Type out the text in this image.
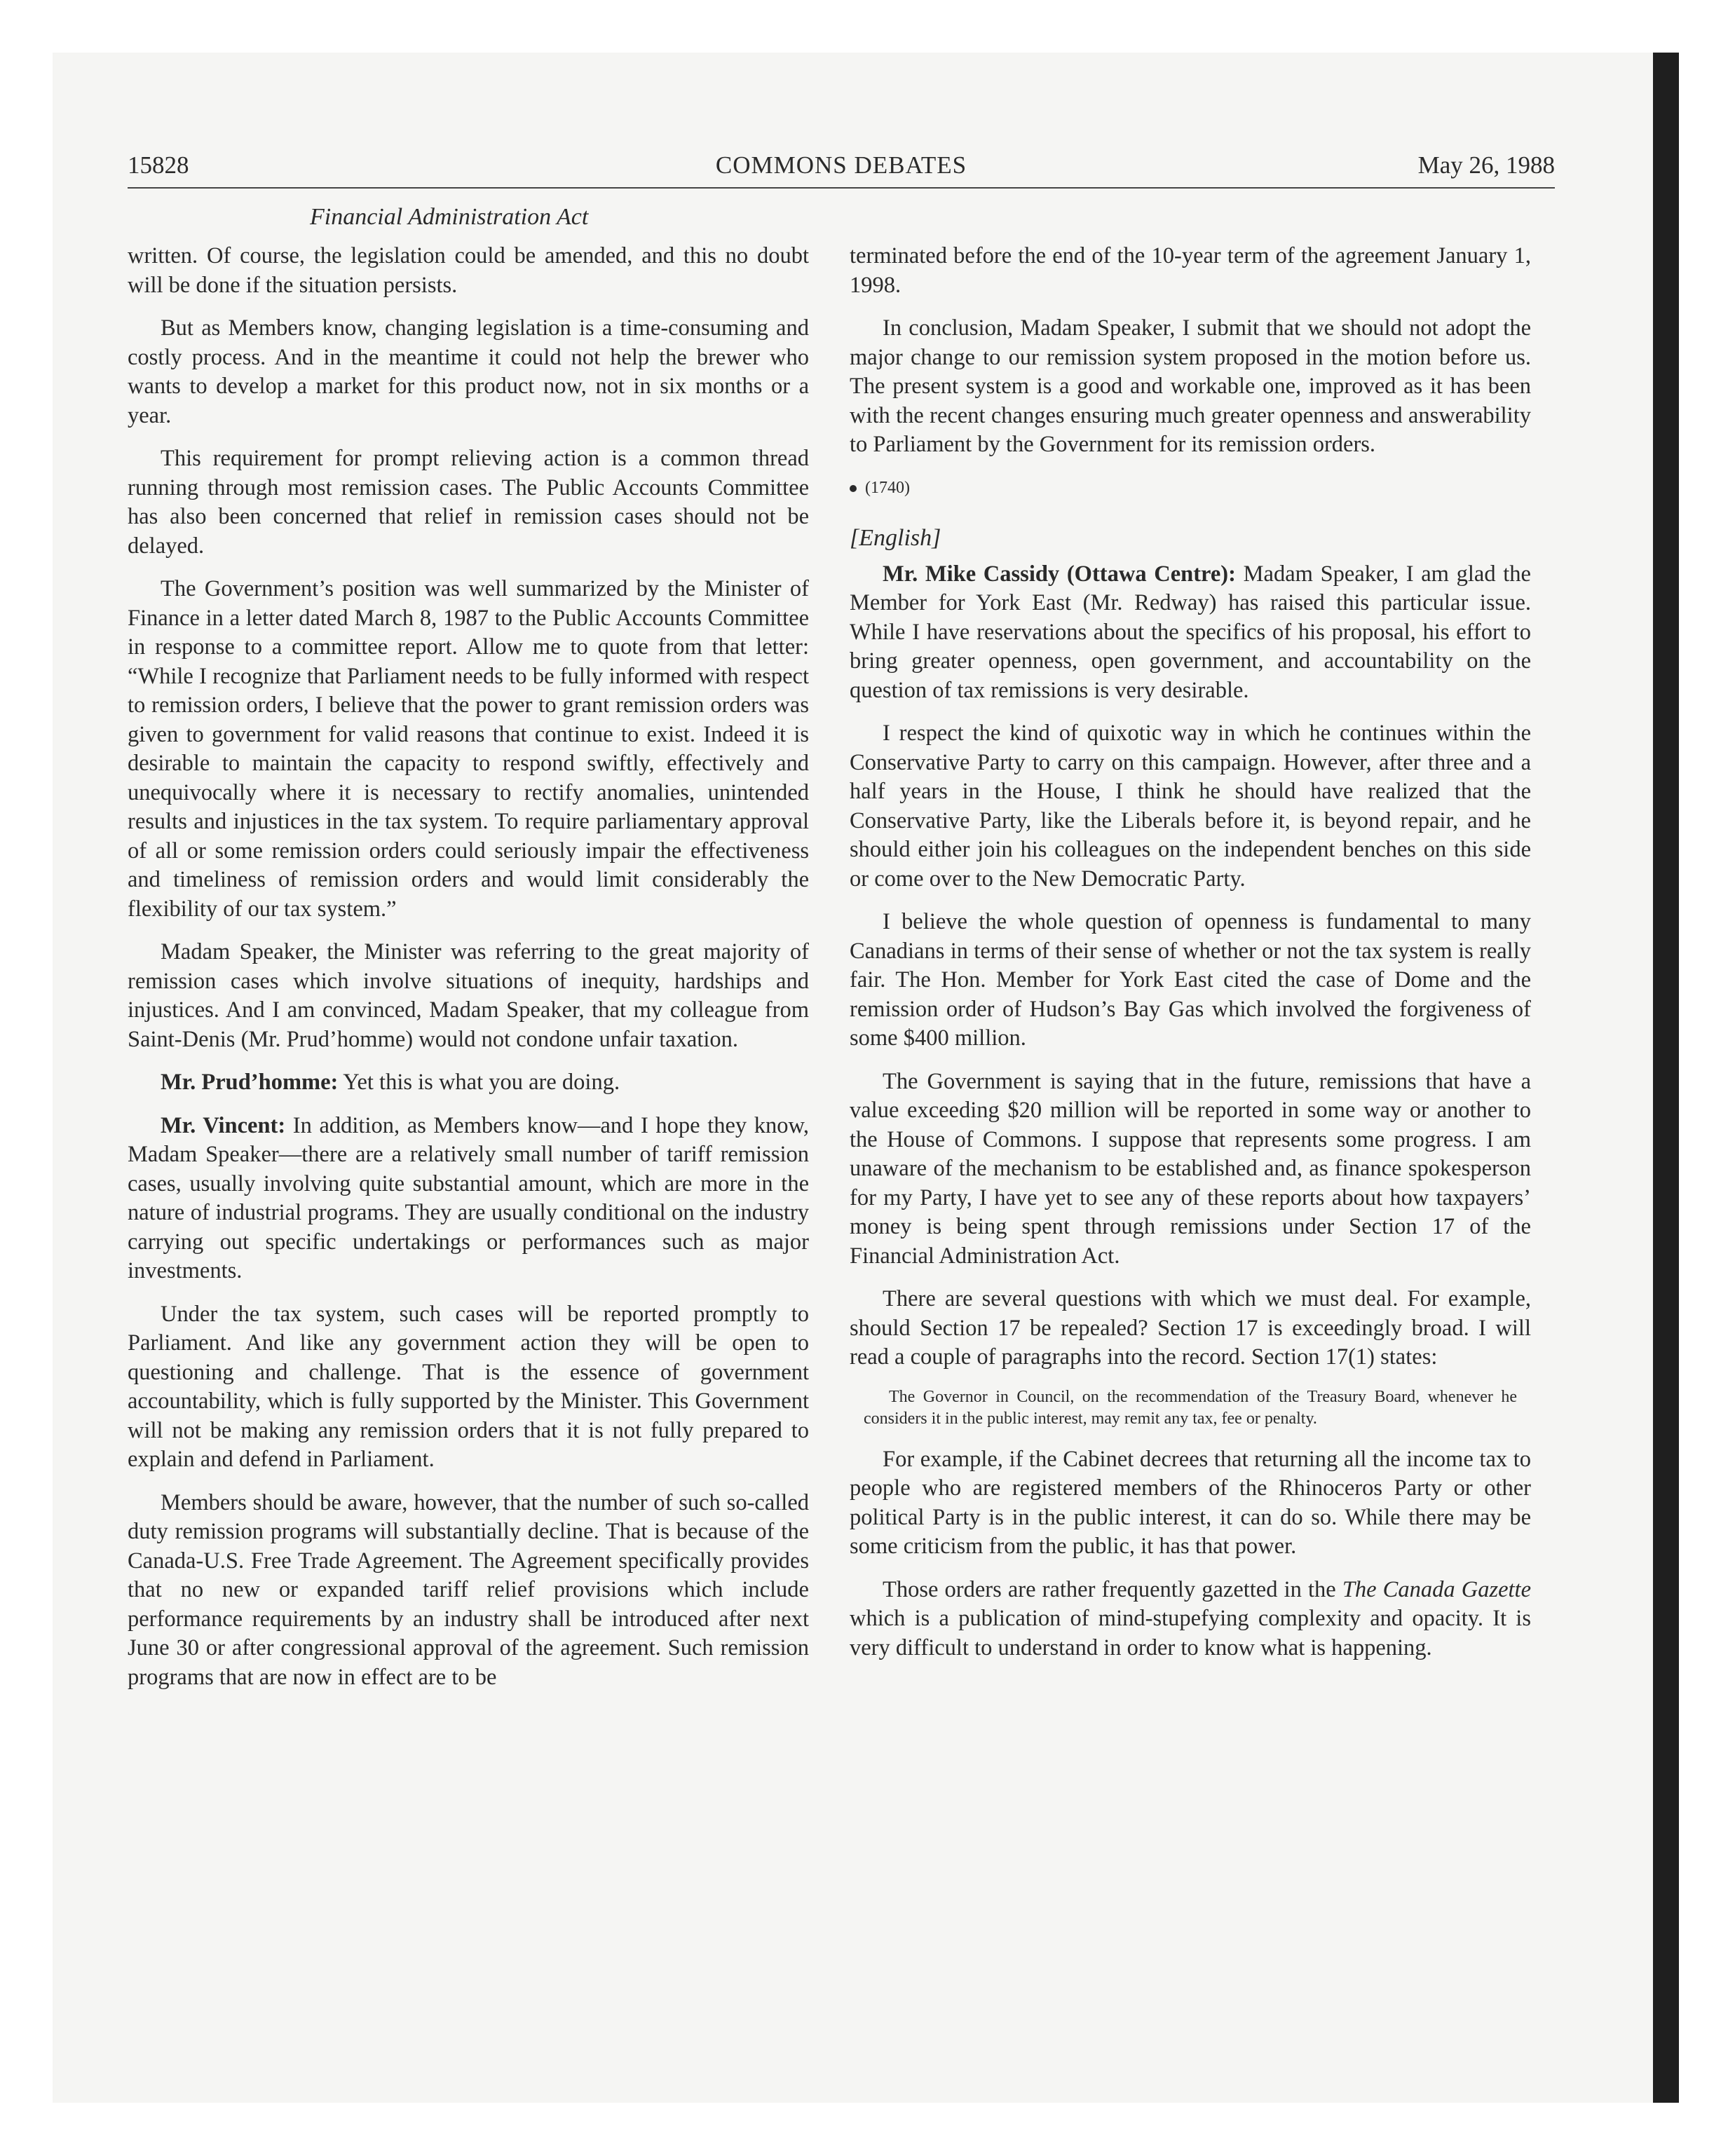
15828	COMMONS DEBATES	May 26, 1988
Financial Administration Act

written. Of course, the legislation could be amended, and this no doubt will be done if the situation persists.

But as Members know, changing legislation is a time-consuming and costly process. And in the meantime it could not help the brewer who wants to develop a market for this product now, not in six months or a year.

This requirement for prompt relieving action is a common thread running through most remission cases. The Public Accounts Committee has also been concerned that relief in remission cases should not be delayed.

The Government’s position was well summarized by the Minister of Finance in a letter dated March 8, 1987 to the Public Accounts Committee in response to a committee report. Allow me to quote from that letter: “While I recognize that Parliament needs to be fully informed with respect to remission orders, I believe that the power to grant remission orders was given to government for valid reasons that continue to exist. Indeed it is desirable to maintain the capacity to respond swiftly, effectively and unequivocally where it is necessary to rectify anomalies, unintended results and injustices in the tax system. To require parliamentary approval of all or some remission orders could seriously impair the effectiveness and timeliness of remission orders and would limit considerably the flexibility of our tax system.”

Madam Speaker, the Minister was referring to the great majority of remission cases which involve situations of inequity, hardships and injustices. And I am convinced, Madam Speaker, that my colleague from Saint-Denis (Mr. Prud’homme) would not condone unfair taxation.

Mr. Prud’homme: Yet this is what you are doing.

Mr. Vincent: In addition, as Members know—and I hope they know, Madam Speaker—there are a relatively small number of tariff remission cases, usually involving quite substantial amount, which are more in the nature of industrial programs. They are usually conditional on the industry carrying out specific undertakings or performances such as major investments.

Under the tax system, such cases will be reported promptly to Parliament. And like any government action they will be open to questioning and challenge. That is the essence of government accountability, which is fully supported by the Minister. This Government will not be making any remission orders that it is not fully prepared to explain and defend in Parliament.

Members should be aware, however, that the number of such so-called duty remission programs will substantially decline. That is because of the Canada-U.S. Free Trade Agreement. The Agreement specifically provides that no new or expanded tariff relief provisions which include performance requirements by an industry shall be introduced after next June 30 or after congressional approval of the agreement. Such remission programs that are now in effect are to be

terminated before the end of the 10-year term of the agreement January 1, 1998.

In conclusion, Madam Speaker, I submit that we should not adopt the major change to our remission system proposed in the motion before us. The present system is a good and workable one, improved as it has been with the recent changes ensuring much greater openness and answerability to Parliament by the Government for its remission orders.

(1740)

[English]

Mr. Mike Cassidy (Ottawa Centre): Madam Speaker, I am glad the Member for York East (Mr. Redway) has raised this particular issue. While I have reservations about the specifics of his proposal, his effort to bring greater openness, open government, and accountability on the question of tax remissions is very desirable.

I respect the kind of quixotic way in which he continues within the Conservative Party to carry on this campaign. However, after three and a half years in the House, I think he should have realized that the Conservative Party, like the Liberals before it, is beyond repair, and he should either join his colleagues on the independent benches on this side or come over to the New Democratic Party.

I believe the whole question of openness is fundamental to many Canadians in terms of their sense of whether or not the tax system is really fair. The Hon. Member for York East cited the case of Dome and the remission order of Hudson’s Bay Gas which involved the forgiveness of some $400 million.

The Government is saying that in the future, remissions that have a value exceeding $20 million will be reported in some way or another to the House of Commons. I suppose that represents some progress. I am unaware of the mechanism to be established and, as finance spokesperson for my Party, I have yet to see any of these reports about how taxpayers’ money is being spent through remissions under Section 17 of the Financial Administration Act.

There are several questions with which we must deal. For example, should Section 17 be repealed? Section 17 is exceedingly broad. I will read a couple of paragraphs into the record. Section 17(1) states:

The Governor in Council, on the recommendation of the Treasury Board, whenever he considers it in the public interest, may remit any tax, fee or penalty.

For example, if the Cabinet decrees that returning all the income tax to people who are registered members of the Rhinoceros Party or other political Party is in the public interest, it can do so. While there may be some criticism from the public, it has that power.

Those orders are rather frequently gazetted in the The Canada Gazette which is a publication of mind-stupefying complexity and opacity. It is very difficult to understand in order to know what is happening.
